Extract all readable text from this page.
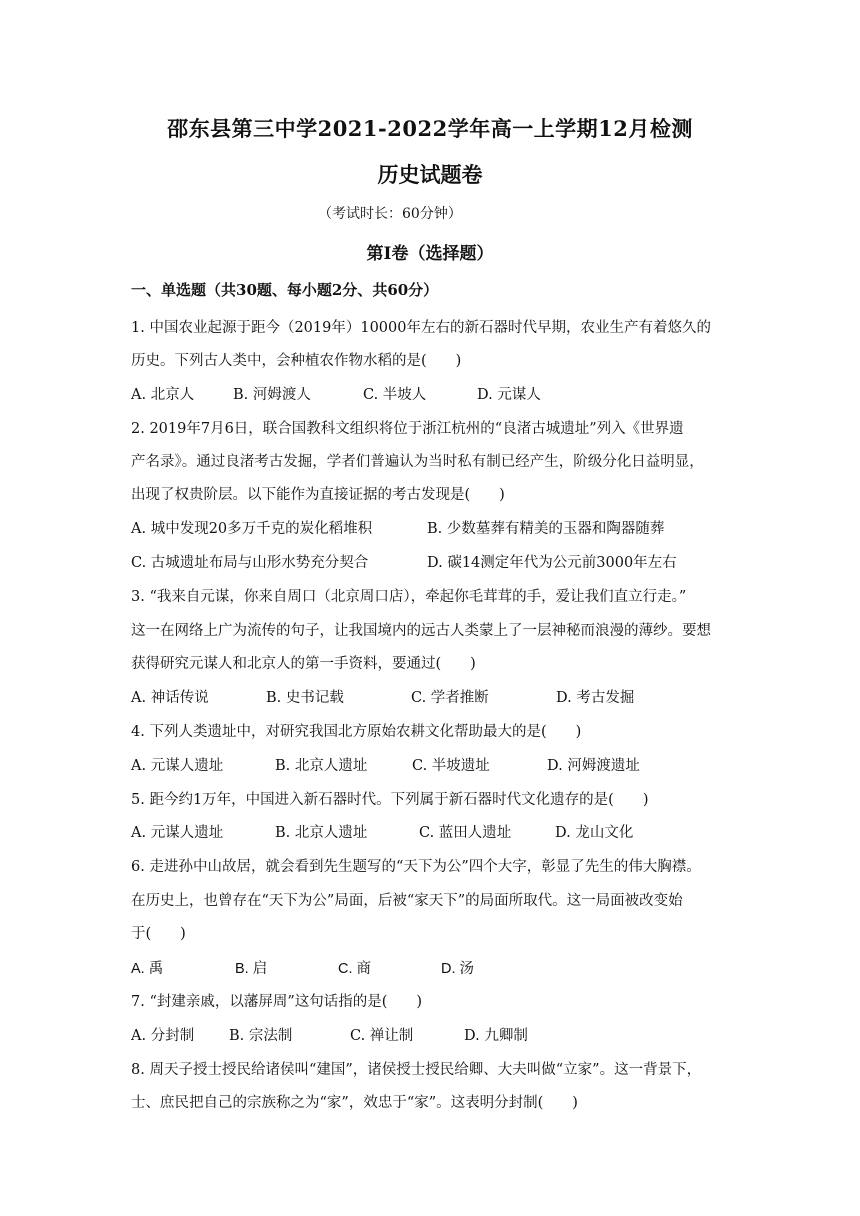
邵东县第三中学2021-2022学年高一上学期12月检测
历史试题卷
（考试时长：60分钟）
第Ⅰ卷（选择题）
一、单选题（共30题、每小题2分、共60分）
1. 中国农业起源于距今（2019年）10000年左右的新石器时代早期，农业生产有着悠久的
历史。下列古人类中，会种植农作物水稻的是(　　)
A. 北京人	B. 河姆渡人	C. 半坡人	D. 元谋人
2. 2019年7月6日，联合国教科文组织将位于浙江杭州的“良渚古城遗址”列入《世界遗
产名录》。通过良渚考古发掘，学者们普遍认为当时私有制已经产生，阶级分化日益明显，
出现了权贵阶层。以下能作为直接证据的考古发现是(　　)
A. 城中发现20多万千克的炭化稻堆积	B. 少数墓葬有精美的玉器和陶器随葬
C. 古城遗址布局与山形水势充分契合	D. 碳14测定年代为公元前3000年左右
3. “我来自元谋，你来自周口（北京周口店），牵起你毛茸茸的手，爱让我们直立行走。”
这一在网络上广为流传的句子，让我国境内的远古人类蒙上了一层神秘而浪漫的薄纱。要想
获得研究元谋人和北京人的第一手资料，要通过(　　)
A. 神话传说	B. 史书记载	C. 学者推断	D. 考古发掘
4. 下列人类遗址中，对研究我国北方原始农耕文化帮助最大的是(　　)
A. 元谋人遗址	B. 北京人遗址	C. 半坡遗址	D. 河姆渡遗址
5. 距今约1万年，中国进入新石器时代。下列属于新石器时代文化遗存的是(　　)
A. 元谋人遗址	B. 北京人遗址	C. 蓝田人遗址	D. 龙山文化
6. 走进孙中山故居，就会看到先生题写的“天下为公”四个大字，彰显了先生的伟大胸襟。
在历史上，也曾存在“天下为公”局面，后被“家天下”的局面所取代。这一局面被改变始
于(　　)
A. 禹	B. 启	C. 商	D. 汤
7. “封建亲戚，以藩屏周”这句话指的是(　　)
A. 分封制 B. 宗法制	C. 禅让制	D. 九卿制
8. 周天子授士授民给诸侯叫“建国”，诸侯授士授民给卿、大夫叫做“立家”。这一背景下，
士、庶民把自己的宗族称之为“家”，效忠于“家”。这表明分封制(　　)
